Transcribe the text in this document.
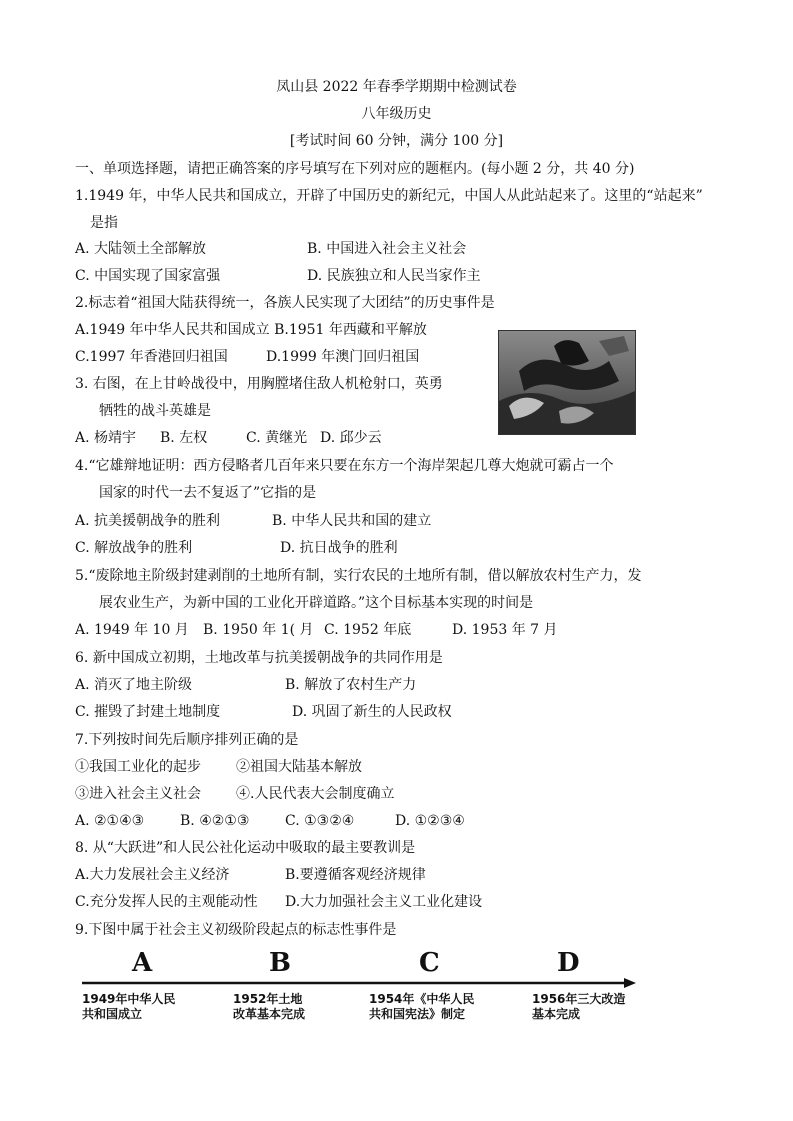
凤山县 2022 年春季学期期中检测试卷
八年级历史
[考试时间 60 分钟，满分 100 分]
一、单项选择题，请把正确答案的序号填写在下列对应的题框内。(每小题 2 分，共 40 分)
1.1949 年，中华人民共和国成立，开辟了中国历史的新纪元，中国人从此站起来了。这里的“站起来”
是指
A. 大陆领土全部解放	B. 中国进入社会主义社会
C. 中国实现了国家富强	D. 民族独立和人民当家作主
2.标志着“祖国大陆获得统一，各族人民实现了大团结”的历史事件是
A.1949 年中华人民共和国成立 B.1951 年西藏和平解放
C.1997 年香港回归祖国	D.1999 年澳门回归祖国
3. 右图，在上甘岭战役中，用胸膛堵住敌人机枪射口，英勇
牺牲的战斗英雄是
A. 杨靖宇 B. 左权	C. 黄继光 D. 邱少云
4.“它雄辩地证明：西方侵略者几百年来只要在东方一个海岸架起几尊大炮就可霸占一个
国家的时代一去不复返了”它指的是
A. 抗美援朝战争的胜利	B. 中华人民共和国的建立
C. 解放战争的胜利	D. 抗日战争的胜利
5.“废除地主阶级封建剥削的土地所有制，实行农民的土地所有制，借以解放农村生产力，发
展农业生产，为新中国的工业化开辟道路。”这个目标基本实现的时间是
A. 1949 年 10 月 B. 1950 年 1( 月 C. 1952 年底	D. 1953 年 7 月
6. 新中国成立初期，土地改革与抗美援朝战争的共同作用是
A. 消灭了地主阶级	B. 解放了农村生产力
C. 摧毁了封建土地制度	D. 巩固了新生的人民政权
7.下列按时间先后顺序排列正确的是
①我国工业化的起步	②祖国大陆基本解放
③进入社会主义社会	④.人民代表大会制度确立
A. ②①④③	B. ④②①③	C. ①③②④	D. ①②③④
8. 从“大跃进”和人民公社化运动中吸取的最主要教训是
A.大力发展社会主义经济	B.要遵循客观经济规律
C.充分发挥人民的主观能动性 D.大力加强社会主义工业化建设
9.下图中属于社会主义初级阶段起点的标志性事件是
A	B	C	D
1949年中华人民
共和国成立
1952年土地
改革基本完成
1954年《中华人民
共和国宪法》制定
1956年三大改造
基本完成
